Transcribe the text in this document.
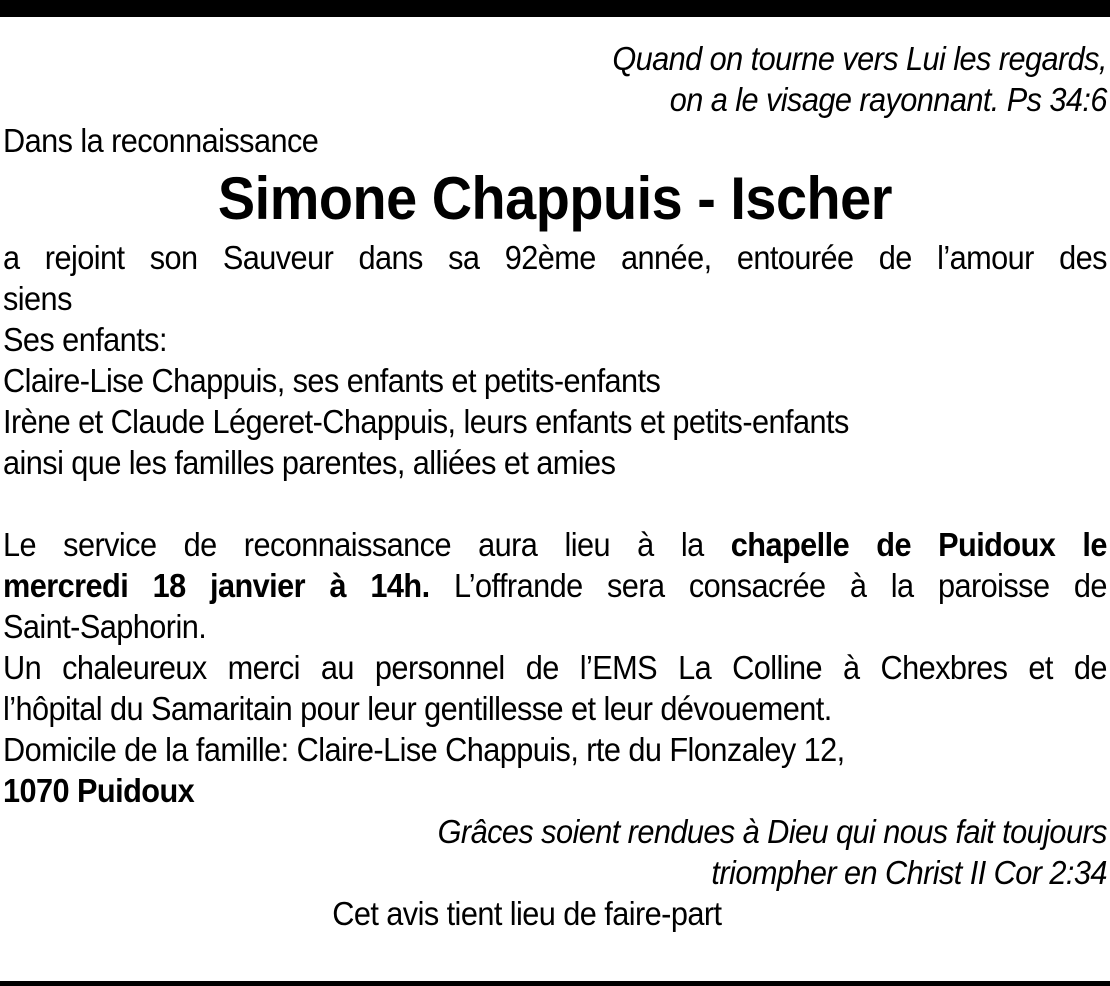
Quand on tourne vers Lui les regards,
on a le visage rayonnant. Ps 34:6
Dans la reconnaissance
Simone Chappuis - Ischer
a rejoint son Sauveur dans sa 92ème année, entourée de l’amour des
siens
Ses enfants:
Claire-Lise Chappuis, ses enfants et petits-enfants
Irène et Claude Légeret-Chappuis, leurs enfants et petits-enfants
ainsi que les familles parentes, alliées et amies
Le service de reconnaissance aura lieu à la chapelle de Puidoux le
mercredi 18 janvier à 14h. L’offrande sera consacrée à la paroisse de
Saint-Saphorin.
Un chaleureux merci au personnel de l’EMS La Colline à Chexbres et de
l’hôpital du Samaritain pour leur gentillesse et leur dévouement.
Domicile de la famille: Claire-Lise Chappuis, rte du Flonzaley 12,
1070 Puidoux
Grâces soient rendues à Dieu qui nous fait toujours
triompher en Christ II Cor 2:34
Cet avis tient lieu de faire-part
